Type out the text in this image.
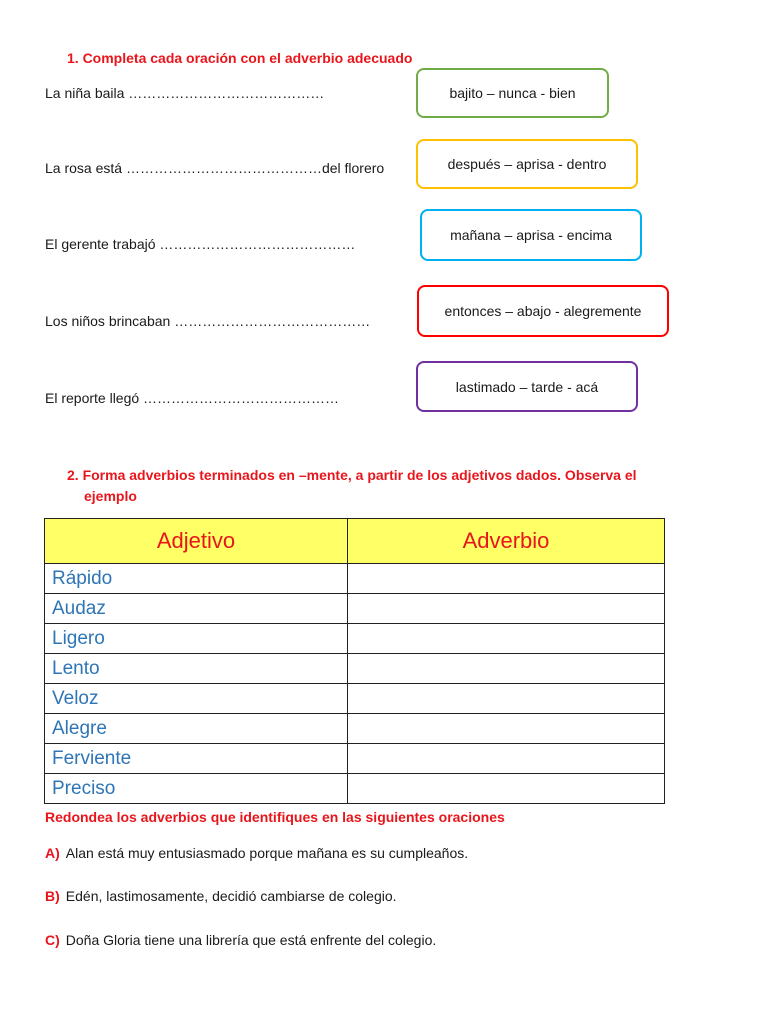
1. Completa cada oración con el adverbio adecuado
La niña baila ……………………………………	bajito – nunca - bien
La rosa está ……………………………………del florero	después – aprisa - dentro
El gerente trabajó ……………………………………
mañana – aprisa - encima
Los niños brincaban ……………………………………
entonces – abajo - alegremente
El reporte llegó ……………………………………
lastimado – tarde - acá
2. Forma adverbios terminados en –mente, a partir de los adjetivos dados. Observa el
ejemplo
Adjetivo	Adverbio
Rápido	
Audaz	
Ligero	
Lento	
Veloz	
Alegre	
Ferviente	
Preciso	
Redondea los adverbios que identifiques en las siguientes oraciones
A) Alan está muy entusiasmado porque mañana es su cumpleaños.
B) Edén, lastimosamente, decidió cambiarse de colegio.
C) Doña Gloria tiene una librería que está enfrente del colegio.
